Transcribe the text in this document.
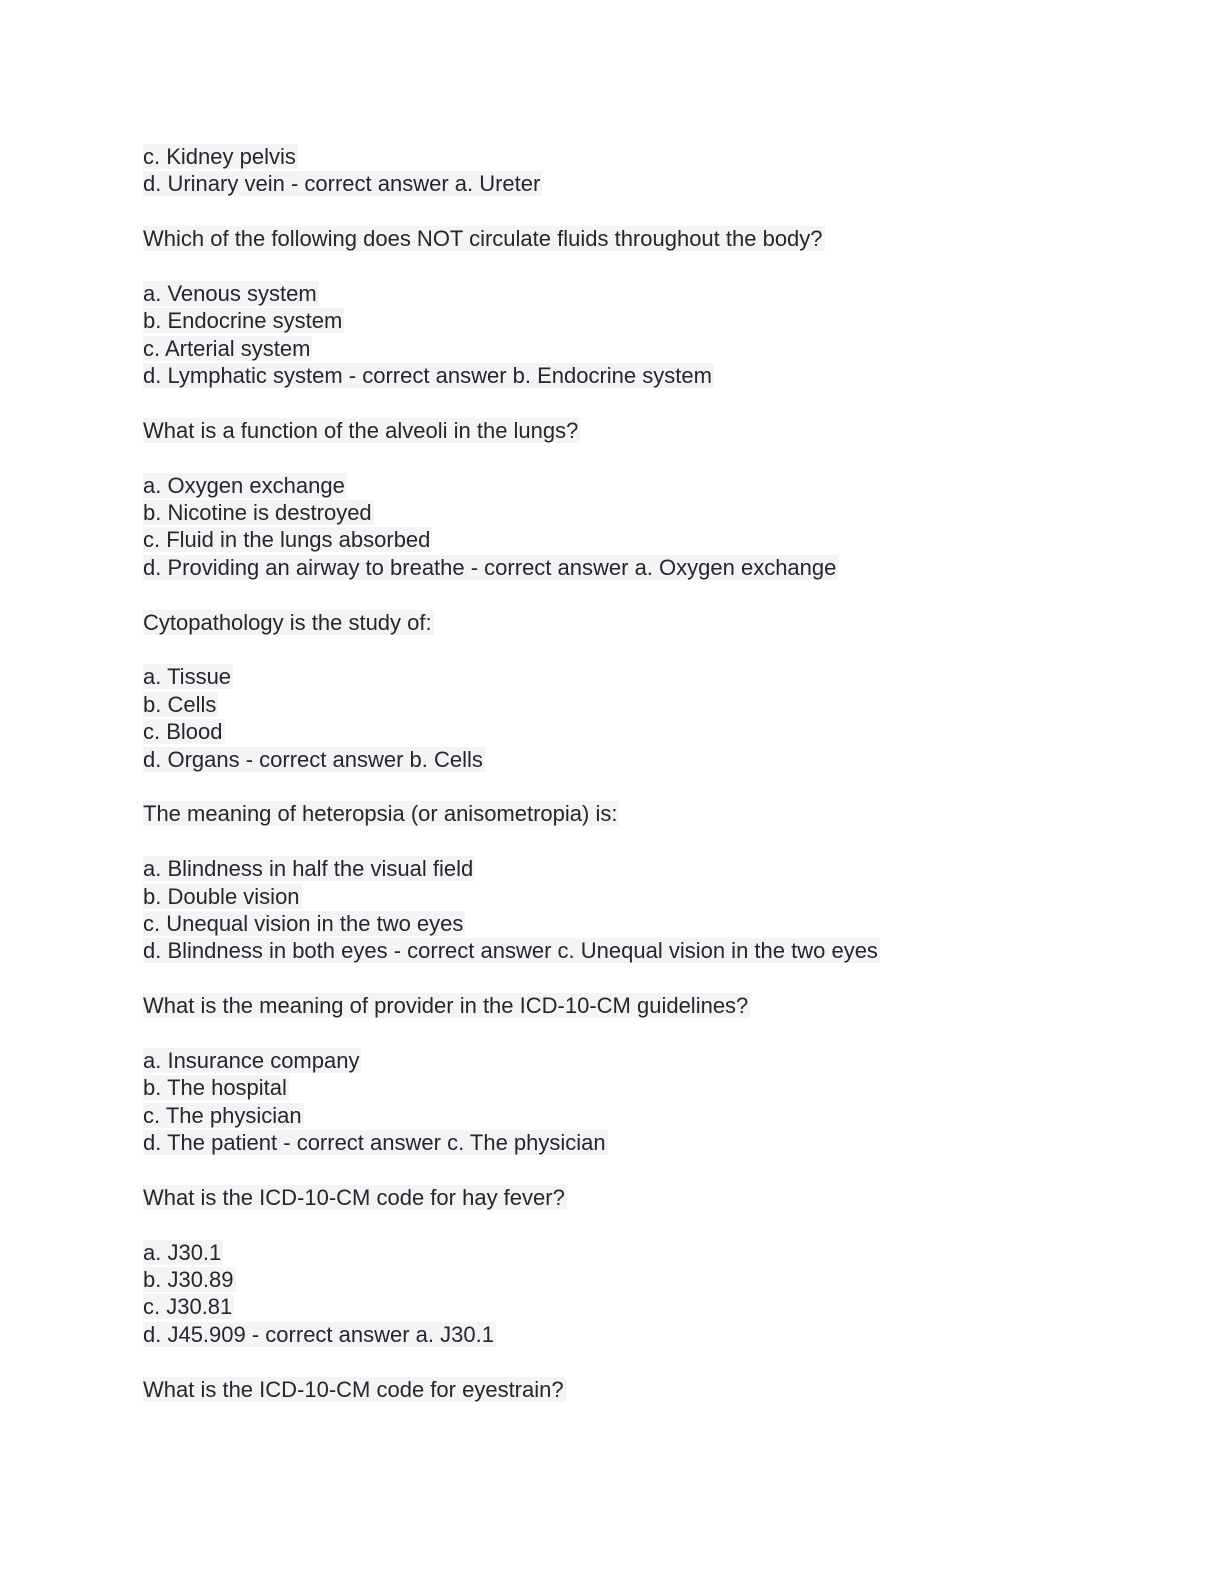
c. Kidney pelvis
d. Urinary vein - correct answer a. Ureter
Which of the following does NOT circulate fluids throughout the body?
a. Venous system
b. Endocrine system
c. Arterial system
d. Lymphatic system - correct answer b. Endocrine system
What is a function of the alveoli in the lungs?
a. Oxygen exchange
b. Nicotine is destroyed
c. Fluid in the lungs absorbed
d. Providing an airway to breathe - correct answer a. Oxygen exchange
Cytopathology is the study of:
a. Tissue
b. Cells
c. Blood
d. Organs - correct answer b. Cells
The meaning of heteropsia (or anisometropia) is:
a. Blindness in half the visual field
b. Double vision
c. Unequal vision in the two eyes
d. Blindness in both eyes - correct answer c. Unequal vision in the two eyes
What is the meaning of provider in the ICD-10-CM guidelines?
a. Insurance company
b. The hospital
c. The physician
d. The patient - correct answer c. The physician
What is the ICD-10-CM code for hay fever?
a. J30.1
b. J30.89
c. J30.81
d. J45.909 - correct answer a. J30.1
What is the ICD-10-CM code for eyestrain?
